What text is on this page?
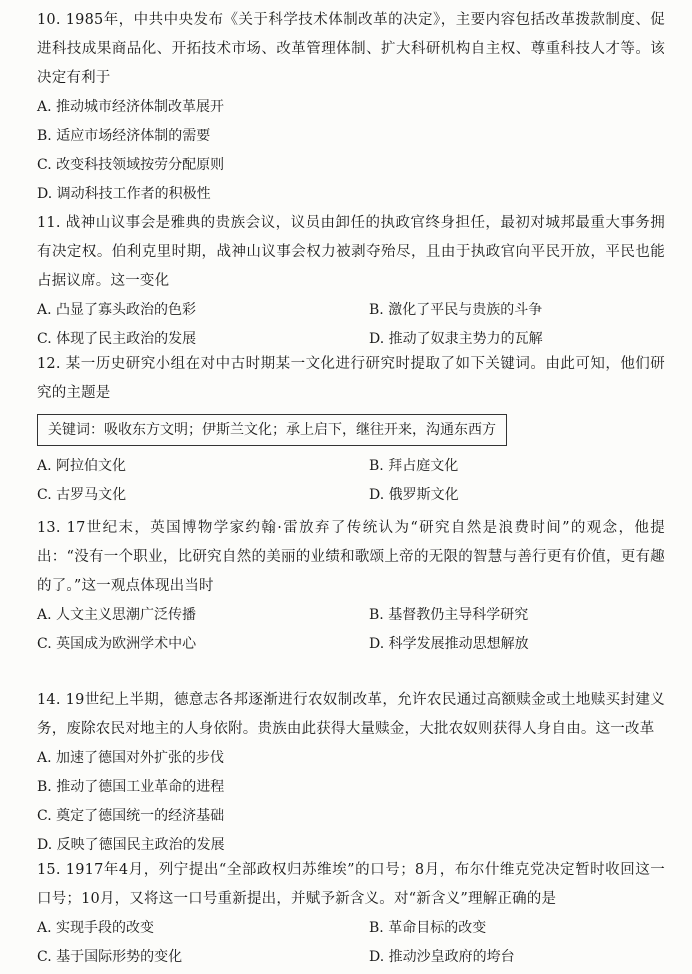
10. 1985年，中共中央发布《关于科学技术体制改革的决定》，主要内容包括改革拨款制度、促进科技成果商品化、开拓技术市场、改革管理体制、扩大科研机构自主权、尊重科技人才等。该决定有利于
A. 推动城市经济体制改革展开
B. 适应市场经济体制的需要
C. 改变科技领域按劳分配原则
D. 调动科技工作者的积极性
11. 战神山议事会是雅典的贵族会议，议员由卸任的执政官终身担任，最初对城邦最重大事务拥有决定权。伯利克里时期，战神山议事会权力被剥夺殆尽，且由于执政官向平民开放，平民也能占据议席。这一变化
A. 凸显了寡头政治的色彩	B. 激化了平民与贵族的斗争
C. 体现了民主政治的发展	D. 推动了奴隶主势力的瓦解
12. 某一历史研究小组在对中古时期某一文化进行研究时提取了如下关键词。由此可知，他们研究的主题是
关键词：吸收东方文明；伊斯兰文化；承上启下，继往开来，沟通东西方
A. 阿拉伯文化	B. 拜占庭文化
C. 古罗马文化	D. 俄罗斯文化
13. 17世纪末，英国博物学家约翰·雷放弃了传统认为“研究自然是浪费时间”的观念，他提出：“没有一个职业，比研究自然的美丽的业绩和歌颂上帝的无限的智慧与善行更有价值，更有趣的了。”这一观点体现出当时
A. 人文主义思潮广泛传播	B. 基督教仍主导科学研究
C. 英国成为欧洲学术中心	D. 科学发展推动思想解放
14. 19世纪上半期，德意志各邦逐渐进行农奴制改革，允许农民通过高额赎金或土地赎买封建义务，废除农民对地主的人身依附。贵族由此获得大量赎金，大批农奴则获得人身自由。这一改革
A. 加速了德国对外扩张的步伐
B. 推动了德国工业革命的进程
C. 奠定了德国统一的经济基础
D. 反映了德国民主政治的发展
15. 1917年4月，列宁提出“全部政权归苏维埃”的口号；8月，布尔什维克党决定暂时收回这一口号；10月，又将这一口号重新提出，并赋予新含义。对“新含义”理解正确的是
A. 实现手段的改变	B. 革命目标的改变
C. 基于国际形势的变化	D. 推动沙皇政府的垮台
